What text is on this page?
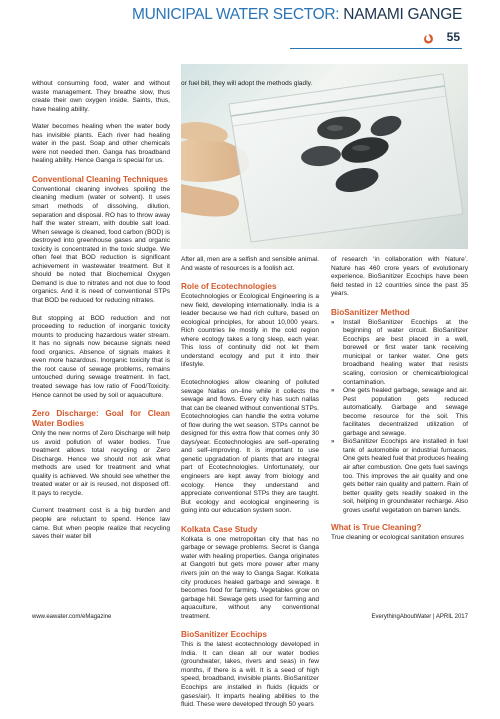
MUNICIPAL WATER SECTOR: NAMAMI GANGE
55

without consuming food, water and without waste management. They breathe slow, thus create their own oxygen inside. Saints, thus, have healing ability.

Water becomes healing when the water body has invisible plants. Each river had healing water in the past. Soap and other chemicals were not needed then. Ganga has broadband healing ability. Hence Ganga is special for us.

Conventional Cleaning Techniques

Conventional cleaning involves spoiling the cleaning medium (water or solvent). It uses smart methods of dissolving, dilution, separation and disposal. RO has to throw away half the water stream, with double salt load. When sewage is cleaned, food carbon (BOD) is destroyed into greenhouse gases and organic toxicity is concentrated in the toxic sludge. We often feel that BOD reduction is significant achievement in wastewater treatment. But it should be noted that Biochemical Oxygen Demand is due to nitrates and not due to food organics. And it is need of conventional STPs that BOD be reduced for reducing nitrates.

But stopping at BOD reduction and not proceeding to reduction of inorganic toxicity mounts to producing hazardous water stream. It has no signals now because signals need food organics. Absence of signals makes it even more hazardous. Inorganic toxicity that is the root cause of sewage problems, remains untouched during sewage treatment. In fact, treated sewage has low ratio of Food/Toxicity. Hence cannot be used by soil or aquaculture.

Zero Discharge: Goal for Clean Water Bodies

Only the new norms of Zero Discharge will help us avoid pollution of water bodies. True treatment allows total recycling or Zero Discharge. Hence we should not ask what methods are used for treatment and what quality is achieved. We should see whether the treated water or air is reused, not disposed off. It pays to recycle.

Current treatment cost is a big burden and people are reluctant to spend. Hence law came. But when people realize that recycling saves their water bill

or fuel bill, they will adopt the methods gladly.

After all, men are a selfish and sensible animal. And waste of resources is a foolish act.

Role of Ecotechnologies

Ecotechnologies or Ecological Engineering is a new field, developing internationally. India is a leader because we had rich culture, based on ecological principles, for about 10,000 years. Rich countries lie mostly in the cold region where ecology takes a long sleep, each year. This loss of continuity did not let them understand ecology and put it into their lifestyle.

Ecotechnologies allow cleaning of polluted sewage Nallas on–line while it collects the sewage and flows. Every city has such nallas that can be cleaned without conventional STPs. Ecotechnologies can handle the extra volume of flow during the wet season. STPs cannot be designed for this extra flow that comes only 30 days/year. Ecotechnologies are self–operating and self–improving. It is important to use genetic upgradation of plants that are integral part of Ecotechnologies. Unfortunately, our engineers are kept away from biology and ecology. Hence they understand and appreciate conventional STPs they are taught. But ecology and ecological engineering is going into our education system soon.

Kolkata Case Study

Kolkata is one metropolitan city that has no garbage or sewage problems. Secret is Ganga water with healing properties. Ganga originates at Gangotri but gets more power after many rivers join on the way to Ganga Sagar. Kolkata city produces healed garbage and sewage. It becomes food for farming. Vegetables grow on garbage hill. Sewage gets used for farming and aquaculture, without any conventional treatment.

BioSanitizer Ecochips

This is the latest ecotechnology developed in India. It can clean all our water bodies (groundwater, lakes, rivers and seas) in few months, if there is a will. It is a seed of high speed, broadband, invisible plants. BioSanitizer Ecochips are installed in fluids (liquids or gases/air). It imparts healing abilities to the fluid. These were developed through 50 years

of research ‘in collaboration with Nature’. Nature has 460 crore years of evolutionary experience. BioSanitizer Ecochips have been field tested in 12 countries since the past 35 years.

BioSanitizer Method
» Install BioSanitizer Ecochips at the beginning of water circuit. BioSanitizer Ecochips are best placed in a well, borewell or first water tank receiving municipal or tanker water. One gets broadband healing water that resists scaling, corrosion or chemical/biological contamination.
» One gets healed garbage, sewage and air. Pest population gets reduced automatically. Garbage and sewage become resource for the soil. This facilitates decentralized utilization of garbage and sewage.
» BioSanitizer Ecochips are installed in fuel tank of automobile or industrial furnaces. One gets healed fuel that produces healing air after combustion. One gets fuel savings too. This improves the air quality and one gets better rain quality and pattern. Rain of better quality gets readily soaked in the soil, helping in groundwater recharge. Also grows useful vegetation on barren lands.
What is True Cleaning?

True cleaning or ecological sanitation ensures

www.eawater.com/eMagazine	EverythingAboutWater | APRIL 2017
